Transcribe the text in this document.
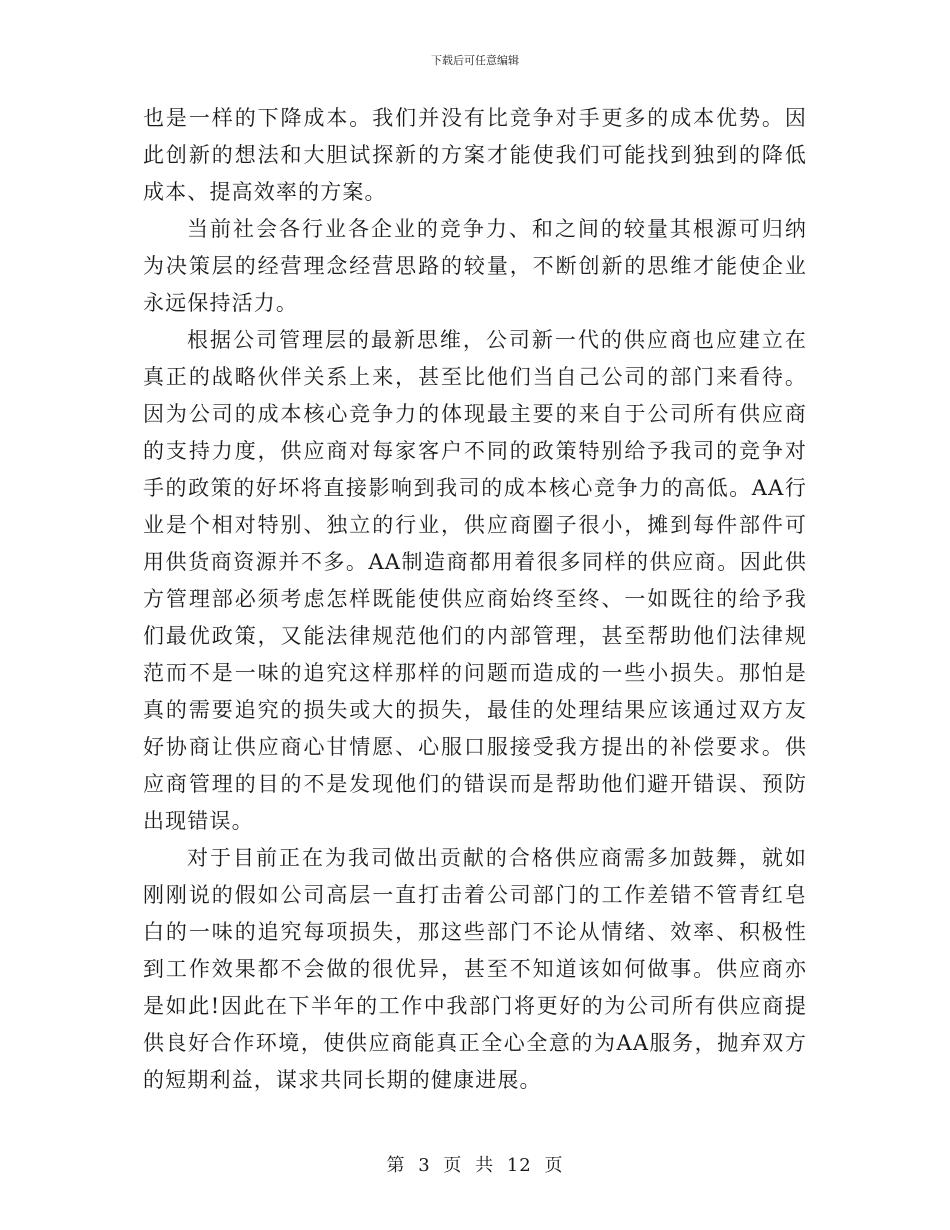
下载后可任意编辑

也是一样的下降成本。我们并没有比竞争对手更多的成本优势。因此创新的想法和大胆试探新的方案才能使我们可能找到独到的降低成本、提高效率的方案。

当前社会各行业各企业的竞争力、和之间的较量其根源可归纳为决策层的经营理念经营思路的较量，不断创新的思维才能使企业永远保持活力。

根据公司管理层的最新思维，公司新一代的供应商也应建立在真正的战略伙伴关系上来，甚至比他们当自己公司的部门来看待。因为公司的成本核心竞争力的体现最主要的来自于公司所有供应商的支持力度，供应商对每家客户不同的政策特别给予我司的竞争对手的政策的好坏将直接影响到我司的成本核心竞争力的高低。AA行业是个相对特别、独立的行业，供应商圈子很小，摊到每件部件可用供货商资源并不多。AA制造商都用着很多同样的供应商。因此供方管理部必须考虑怎样既能使供应商始终至终、一如既往的给予我们最优政策，又能法律规范他们的内部管理，甚至帮助他们法律规范而不是一味的追究这样那样的问题而造成的一些小损失。那怕是真的需要追究的损失或大的损失，最佳的处理结果应该通过双方友好协商让供应商心甘情愿、心服口服接受我方提出的补偿要求。供应商管理的目的不是发现他们的错误而是帮助他们避开错误、预防出现错误。

对于目前正在为我司做出贡献的合格供应商需多加鼓舞，就如刚刚说的假如公司高层一直打击着公司部门的工作差错不管青红皂白的一味的追究每项损失，那这些部门不论从情绪、效率、积极性到工作效果都不会做的很优异，甚至不知道该如何做事。供应商亦是如此!因此在下半年的工作中我部门将更好的为公司所有供应商提供良好合作环境，使供应商能真正全心全意的为AA服务，抛弃双方的短期利益，谋求共同长期的健康进展。

第 3 页 共 12 页
